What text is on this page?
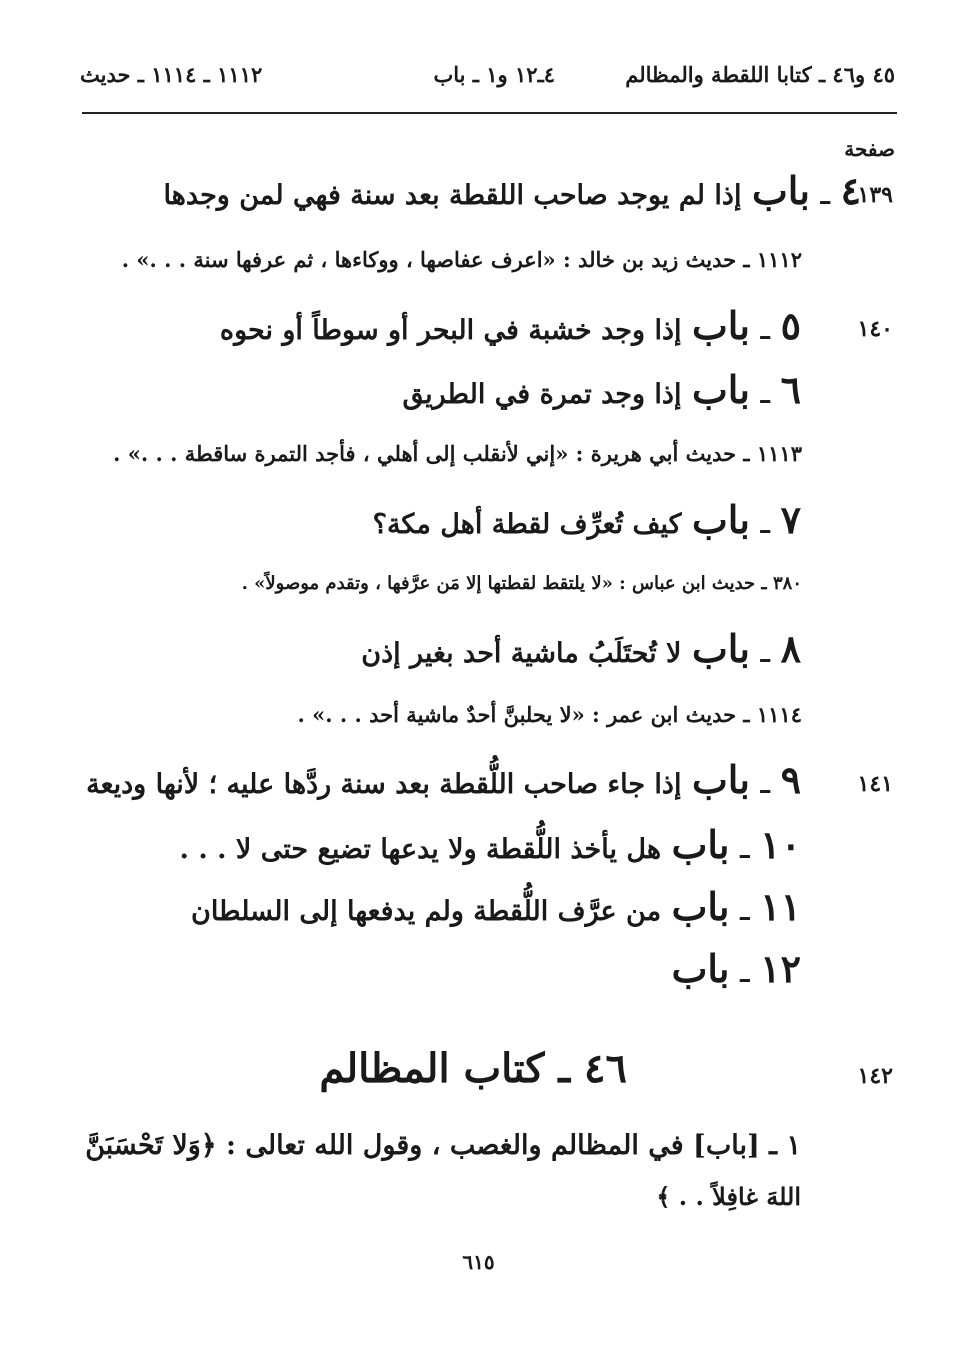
٤٥ و٤٦ ـ كتابا اللقطة والمظالم
٤ـ١٢ و١ ـ باب
١١١٢ ـ ١١١٤ ـ حديث
صفحة
١٣٩
٤ ـ باب إذا لم يوجد صاحب اللقطة بعد سنة فهي لمن وجدها
١١١٢ ـ حديث زيد بن خالد : «اعرف عفاصها ، ووكاءها ، ثم عرفها سنة . . .» .
١٤٠
٥ ـ باب إذا وجد خشبة في البحر أو سوطاً أو نحوه
٦ ـ باب إذا وجد تمرة في الطريق
١١١٣ ـ حديث أبي هريرة : «إني لأنقلب إلى أهلي ، فأجد التمرة ساقطة . . .» .
٧ ـ باب كيف تُعرِّف لقطة أهل مكة؟
٣٨٠ ـ حديث ابن عباس : «لا يلتقط لقطتها إلا مَن عرَّفها ، وتقدم موصولاً» .
٨ ـ باب لا تُحتَلَبُ ماشية أحد بغير إذن
١١١٤ ـ حديث ابن عمر : «لا يحلبنَّ أحدٌ ماشية أحد . . .» .
١٤١
٩ ـ باب إذا جاء صاحب اللُّقطة بعد سنة ردَّها عليه ؛ لأنها وديعة
١٠ ـ باب هل يأخذ اللُّقطة ولا يدعها تضيع حتى لا . . .
١١ ـ باب من عرَّف اللُّقطة ولم يدفعها إلى السلطان
١٢ ـ باب
١٤٢
٤٦ ـ كتاب المظالم
١ ـ [باب] في المظالم والغصب ، وقول الله تعالى : ﴿وَلا تَحْسَبَنَّ
اللهَ غافِلاً . . ﴾
٦١٥
